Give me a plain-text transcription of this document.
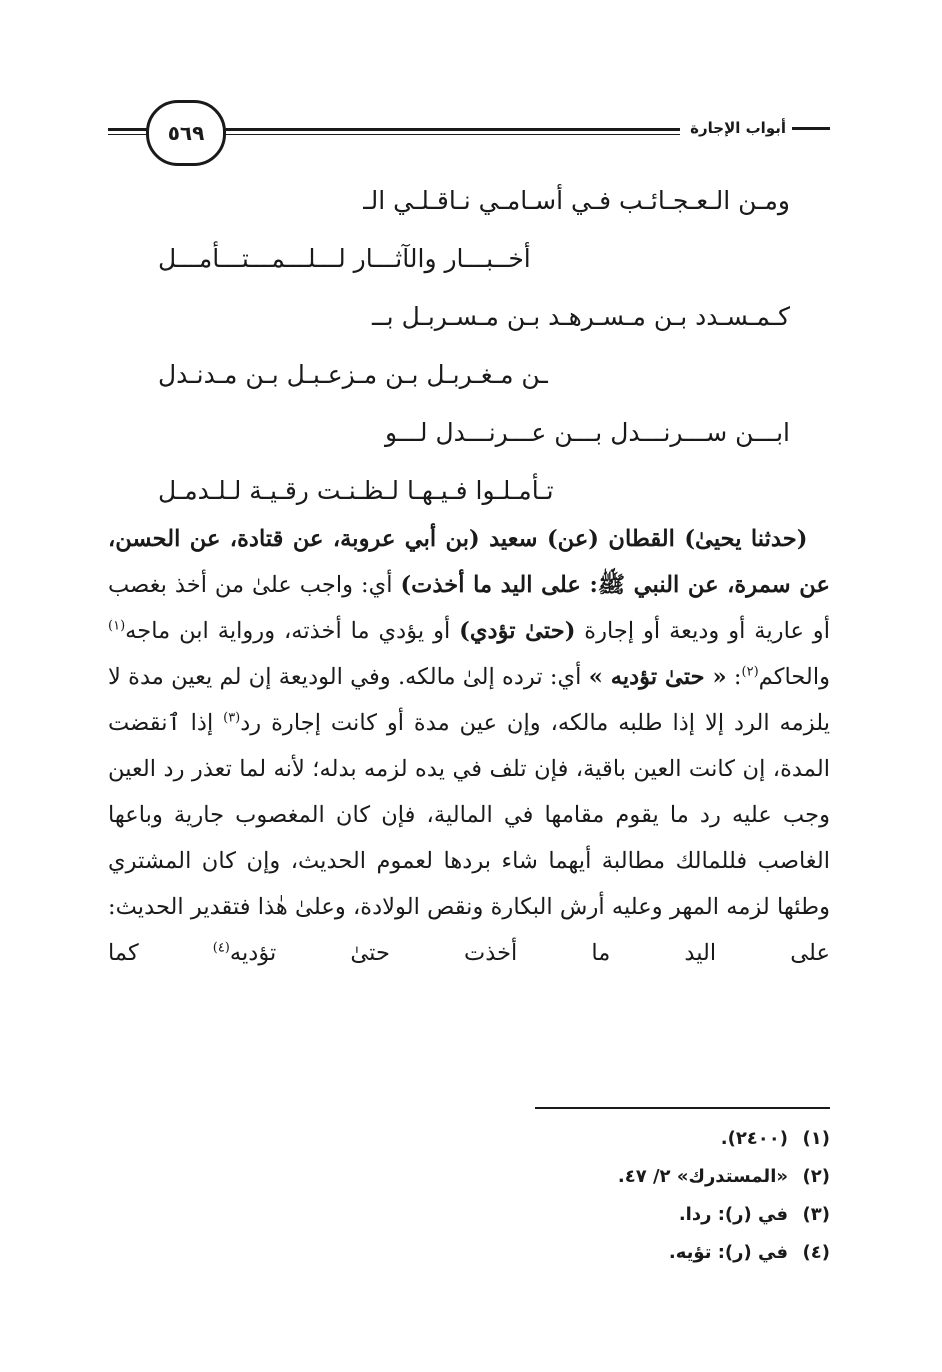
أبواب الإجارة
٥٦٩
ومـن الـعـجـائـب فـي أسـامـي نـاقـلـي الـ
أخــبـــار والآثـــار لـــلـــمـــتـــأمـــل
كـمـسـدد بـن مـسـرهـد بـن مـسـربـل بــ
ـن مـغـربـل بـن مـزعـبـل بـن مـدنـدل
ابـــن ســـرنـــدل بـــن عـــرنـــدل لـــو
تـأمـلـوا فـيـهـا لـظـنـت رقـيـة لـلـدمـل

 (حدثنا يحيىٰ) القطان (عن) سعيد (بن أبي عروبة، عن قتادة، عن الحسن، عن سمرة، عن النبي ﷺ: على اليد ما أخذت) أي: واجب علىٰ من أخذ بغصب أو عارية أو وديعة أو إجارة (حتىٰ تؤدي) أو يؤدي ما أخذته، ورواية ابن ماجه$^{(١)}$ والحاكم$^{(٢)}$: « حتىٰ تؤديه » أي: ترده إلىٰ مالكه. وفي الوديعة إن لم يعين مدة لا يلزمه الرد إلا إذا طلبه مالكه، وإن عين مدة أو كانت إجارة رد$^{(٣)}$ إذا ٱنقضت المدة، إن كانت العين باقية، فإن تلف في يده لزمه بدله؛ لأنه لما تعذر رد العين وجب عليه رد ما يقوم مقامها في المالية، فإن كان المغصوب جارية وباعها الغاصب فللمالك مطالبة أيهما شاء بردها لعموم الحديث، وإن كان المشتري وطئها لزمه المهر وعليه أرش البكارة ونقص الولادة، وعلىٰ هٰذا فتقدير الحديث: على اليد ما أخذت حتىٰ تؤديه$^{(٤)}$ كما

(١)(٢٤٠٠).
(٢)«المستدرك» ٢/ ٤٧.
(٣)في (ر): ردا.
(٤)في (ر): تؤيه.
